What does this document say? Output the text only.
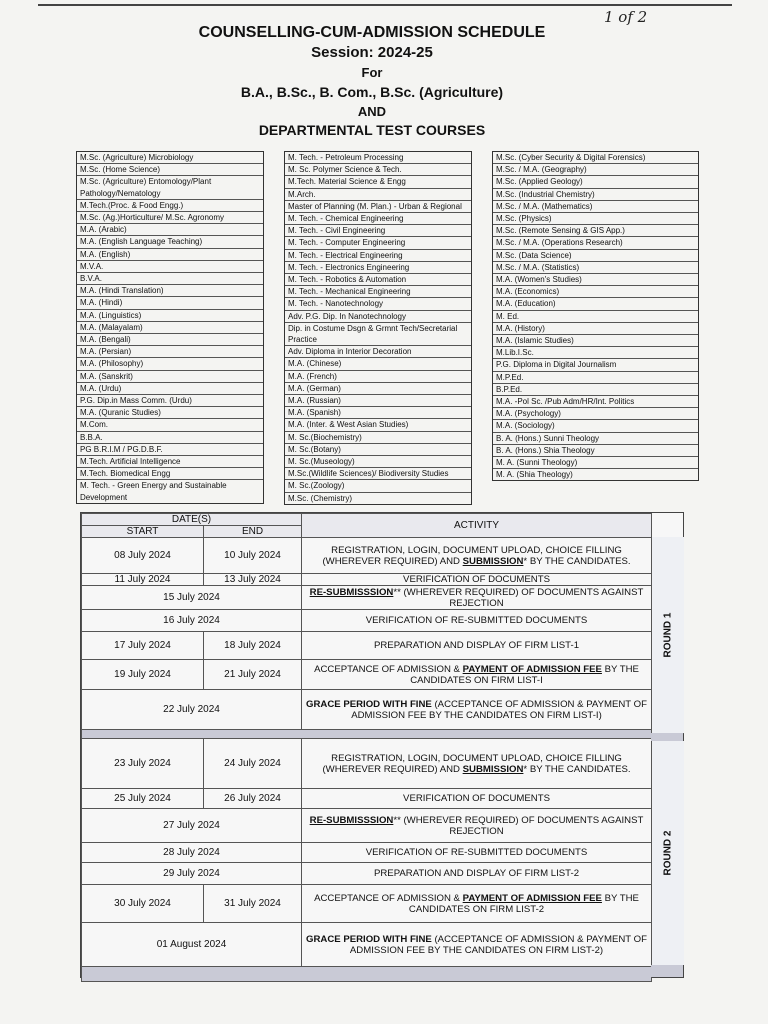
1 of 2
COUNSELLING-CUM-ADMISSION SCHEDULE
Session: 2024-25
For
B.A., B.Sc., B. Com., B.Sc. (Agriculture)
AND
DEPARTMENTAL TEST COURSES
M.Sc. (Agriculture) Microbiology
M.Sc. (Home Science)
M.Sc. (Agriculture) Entomology/Plant Pathology/Nematology
M.Tech.(Proc. & Food Engg.)
M.Sc. (Ag.)Horticulture/ M.Sc. Agronomy
M.A. (Arabic)
M.A. (English Language Teaching)
M.A. (English)
M.V.A.
B.V.A.
M.A. (Hindi Translation)
M.A. (Hindi)
M.A. (Linguistics)
M.A. (Malayalam)
M.A. (Bengali)
M.A. (Persian)
M.A. (Philosophy)
M.A. (Sanskrit)
M.A. (Urdu)
P.G. Dip.in Mass Comm. (Urdu)
M.A. (Quranic Studies)
M.Com.
B.B.A.
PG B.R.I.M / PG.D.B.F.
M.Tech. Artificial Intelligence
M.Tech. Biomedical Engg
M. Tech. - Green Energy and Sustainable Development
M. Tech. - Petroleum Processing
M. Sc. Polymer Science & Tech.
M.Tech. Material Science & Engg
M.Arch.
Master of Planning (M. Plan.) - Urban & Regional
M. Tech. - Chemical Engineering
M. Tech. - Civil Engineering
M. Tech. - Computer Engineering
M. Tech. - Electrical Engineering
M. Tech. - Electronics Engineering
M. Tech. - Robotics & Automation
M. Tech. - Mechanical Engineering
M. Tech. - Nanotechnology
Adv. P.G. Dip. In Nanotechnology
Dip. in Costume Dsgn & Grmnt Tech/Secretarial Practice
Adv. Diploma in Interior Decoration
M.A. (Chinese)
M.A. (French)
M.A. (German)
M.A. (Russian)
M.A. (Spanish)
M.A. (Inter. & West Asian Studies)
M. Sc.(Biochemistry)
M. Sc.(Botany)
M. Sc.(Museology)
M.Sc.(Wildlife Sciences)/ Biodiversity Studies
M. Sc.(Zoology)
M.Sc. (Chemistry)
M.Sc. (Cyber Security & Digital Forensics)
M.Sc. / M.A. (Geography)
M.Sc. (Applied Geology)
M.Sc. (Industrial Chemistry)
M.Sc. / M.A. (Mathematics)
M.Sc. (Physics)
M.Sc. (Remote Sensing & GIS App.)
M.Sc. / M.A. (Operations Research)
M.Sc. (Data Science)
M.Sc. / M.A. (Statistics)
M.A. (Women's Studies)
M.A. (Economics)
M.A. (Education)
M. Ed.
M.A. (History)
M.A. (Islamic Studies)
M.Lib.I.Sc.
P.G. Diploma in Digital Journalism
M.P.Ed.
B.P.Ed.
M.A. -Pol Sc. /Pub Adm/HR/Int. Politics
M.A. (Psychology)
M.A. (Sociology)
B. A. (Hons.) Sunni Theology
B. A. (Hons.) Shia Theology
M. A. (Sunni Theology)
M. A. (Shia Theology)
DATE(S)		ACTIVITY
START	END	
08 July 2024	10 July 2024	REGISTRATION, LOGIN, DOCUMENT UPLOAD, CHOICE FILLING (WHEREVER REQUIRED) AND SUBMISSION* BY THE CANDIDATES.
11 July 2024	13 July 2024	VERIFICATION OF DOCUMENTS
15 July 2024		RE-SUBMISSSION** (WHEREVER REQUIRED) OF DOCUMENTS AGAINST REJECTION
16 July 2024		VERIFICATION OF RE-SUBMITTED DOCUMENTS
17 July 2024	18 July 2024	PREPARATION AND DISPLAY OF FIRM LIST-1
19 July 2024	21 July 2024	ACCEPTANCE OF ADMISSION & PAYMENT OF ADMISSION FEE BY THE CANDIDATES ON FIRM LIST-I
22 July 2024		GRACE PERIOD WITH FINE (ACCEPTANCE OF ADMISSION & PAYMENT OF ADMISSION FEE BY THE CANDIDATES ON FIRM LIST-I)

23 July 2024	24 July 2024	REGISTRATION, LOGIN, DOCUMENT UPLOAD, CHOICE FILLING (WHEREVER REQUIRED) AND SUBMISSION* BY THE CANDIDATES.
25 July 2024	26 July 2024	VERIFICATION OF DOCUMENTS
27 July 2024		RE-SUBMISSSION** (WHEREVER REQUIRED) OF DOCUMENTS AGAINST REJECTION
28 July 2024		VERIFICATION OF RE-SUBMITTED DOCUMENTS
29 July 2024		PREPARATION AND DISPLAY OF FIRM LIST-2
30 July 2024	31 July 2024	ACCEPTANCE OF ADMISSION & PAYMENT OF ADMISSION FEE BY THE CANDIDATES ON FIRM LIST-2
01 August 2024		GRACE PERIOD WITH FINE (ACCEPTANCE OF ADMISSION & PAYMENT OF ADMISSION FEE BY THE CANDIDATES ON FIRM LIST-2)

ROUND 1
ROUND 2
